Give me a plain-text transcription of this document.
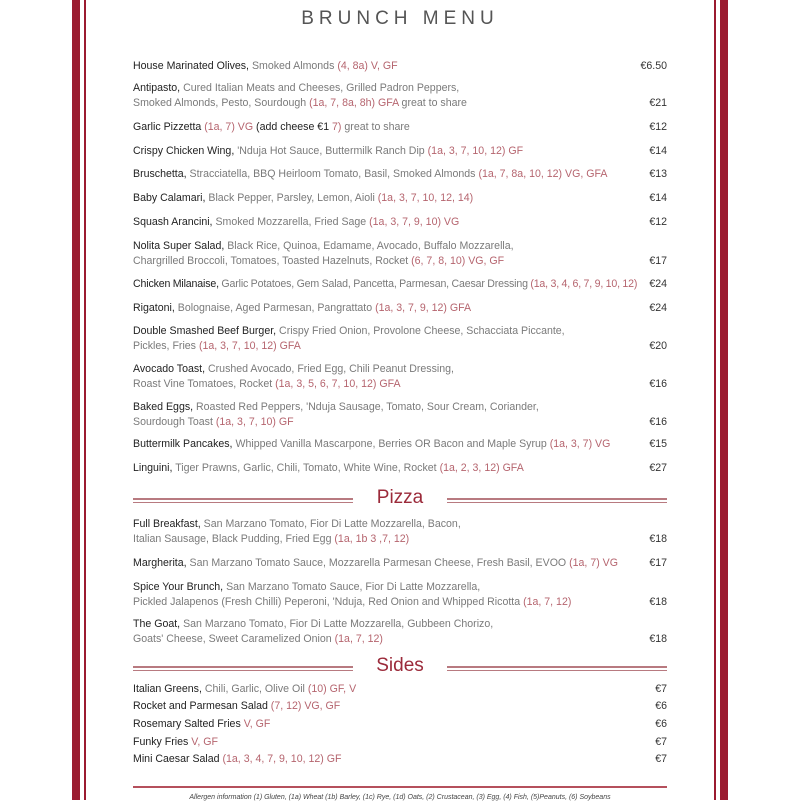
BRUNCH MENU
House Marinated Olives, Smoked Almonds (4, 8a) V, GF	€6.50
Antipasto, Cured Italian Meats and Cheeses, Grilled Padron Peppers,
Smoked Almonds, Pesto, Sourdough (1a, 7, 8a, 8h) GFA great to share	€21
Garlic Pizzetta (1a, 7) VG (add cheese €1 7) great to share	€12
Crispy Chicken Wing, 'Nduja Hot Sauce, Buttermilk Ranch Dip (1a, 3, 7, 10, 12) GF	€14
Bruschetta, Stracciatella, BBQ Heirloom Tomato, Basil, Smoked Almonds (1a, 7, 8a, 10, 12) VG, GFA	€13
Baby Calamari, Black Pepper, Parsley, Lemon, Aioli (1a, 3, 7, 10, 12, 14)	€14
Squash Arancini, Smoked Mozzarella, Fried Sage (1a, 3, 7, 9, 10) VG	€12
Nolita Super Salad, Black Rice, Quinoa, Edamame, Avocado, Buffalo Mozzarella,
Chargrilled Broccoli, Tomatoes, Toasted Hazelnuts, Rocket (6, 7, 8, 10) VG, GF	€17
Chicken Milanaise, Garlic Potatoes, Gem Salad, Pancetta, Parmesan, Caesar Dressing (1a, 3, 4, 6, 7, 9, 10, 12)	€24
Rigatoni, Bolognaise, Aged Parmesan, Pangrattato (1a, 3, 7, 9, 12) GFA	€24
Double Smashed Beef Burger, Crispy Fried Onion, Provolone Cheese, Schacciata Piccante,
Pickles, Fries (1a, 3, 7, 10, 12) GFA	€20
Avocado Toast, Crushed Avocado, Fried Egg, Chili Peanut Dressing,
Roast Vine Tomatoes, Rocket (1a, 3, 5, 6, 7, 10, 12) GFA	€16
Baked Eggs, Roasted Red Peppers, 'Nduja Sausage, Tomato, Sour Cream, Coriander,
Sourdough Toast (1a, 3, 7, 10) GF	€16
Buttermilk Pancakes, Whipped Vanilla Mascarpone, Berries OR Bacon and Maple Syrup (1a, 3, 7) VG	€15
Linguini, Tiger Prawns, Garlic, Chili, Tomato, White Wine, Rocket (1a, 2, 3, 12) GFA	€27
Full Breakfast, San Marzano Tomato, Fior Di Latte Mozzarella, Bacon,
Italian Sausage, Black Pudding, Fried Egg (1a, 1b 3 ,7, 12)	€18
Margherita, San Marzano Tomato Sauce, Mozzarella Parmesan Cheese, Fresh Basil, EVOO (1a, 7) VG	€17
Spice Your Brunch, San Marzano Tomato Sauce, Fior Di Latte Mozzarella,
Pickled Jalapenos (Fresh Chilli) Peperoni, 'Nduja, Red Onion and Whipped Ricotta (1a, 7, 12)	€18
The Goat, San Marzano Tomato, Fior Di Latte Mozzarella, Gubbeen Chorizo,
Goats' Cheese, Sweet Caramelized Onion (1a, 7, 12)	€18
Italian Greens, Chili, Garlic, Olive Oil (10) GF, V	€7
Rocket and Parmesan Salad (7, 12) VG, GF	€6
Rosemary Salted Fries V, GF	€6
Funky Fries V, GF	€7
Mini Caesar Salad (1a, 3, 4, 7, 9, 10, 12) GF	€7
Pizza
Sides
Allergen information (1) Gluten, (1a) Wheat (1b) Barley, (1c) Rye, (1d) Oats, (2) Crustacean, (3) Egg, (4) Fish, (5)Peanuts, (6) Soybeans
